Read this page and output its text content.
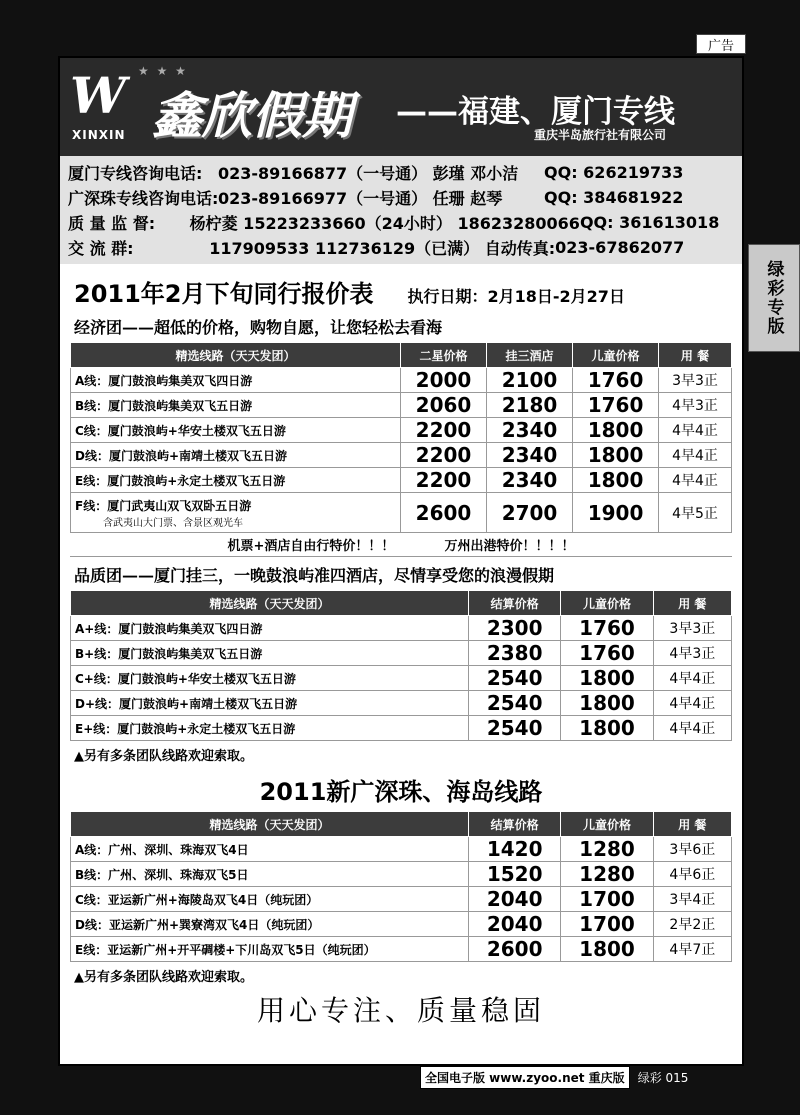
广告
绿彩专版
W ★ ★ ★
XINXIN 鑫欣假期 ——福建、厦门专线
重庆半岛旅行社有限公司
厦门专线咨询电话: 023-89166877（一号通） 彭瑾 邓小洁	QQ: 626219733
广深珠专线咨询电话: 023-89166977（一号通） 任珊 赵琴	QQ: 384681922
质 量 监 督:	杨柠菱 15223233660（24小时） 18623280066 QQ: 361613018
交 流 群:	117909533 112736129（已满） 自动传真: 023-67862077
2011年2月下旬同行报价表 执行日期：2月18日-2月27日
经济团——超低的价格，购物自愿，让您轻松去看海
精选线路（天天发团）	二星价格	挂三酒店	儿童价格	用 餐
A线：厦门鼓浪屿集美双飞四日游	2000	2100	1760	3早3正
B线：厦门鼓浪屿集美双飞五日游	2060	2180	1760	4早3正
C线：厦门鼓浪屿+华安土楼双飞五日游	2200	2340	1800	4早4正
D线：厦门鼓浪屿+南靖土楼双飞五日游	2200	2340	1800	4早4正
E线：厦门鼓浪屿+永定土楼双飞五日游	2200	2340	1800	4早4正
F线：厦门武夷山双飞双卧五日游
含武夷山大门票、含景区观光车	2600	2700	1900	4早5正
机票+酒店自由行特价！！！	万州出港特价！！！！
品质团——厦门挂三，一晚鼓浪屿准四酒店，尽情享受您的浪漫假期
精选线路（天天发团）	结算价格	儿童价格	用 餐
A+线：厦门鼓浪屿集美双飞四日游	2300	1760	3早3正
B+线：厦门鼓浪屿集美双飞五日游	2380	1760	4早3正
C+线：厦门鼓浪屿+华安土楼双飞五日游	2540	1800	4早4正
D+线：厦门鼓浪屿+南靖土楼双飞五日游	2540	1800	4早4正
E+线：厦门鼓浪屿+永定土楼双飞五日游	2540	1800	4早4正
▲另有多条团队线路欢迎索取。
2011新广深珠、海岛线路
精选线路（天天发团）	结算价格	儿童价格	用 餐
A线：广州、深圳、珠海双飞4日	1420	1280	3早6正
B线：广州、深圳、珠海双飞5日	1520	1280	4早6正
C线：亚运新广州+海陵岛双飞4日（纯玩团）	2040	1700	3早4正
D线：亚运新广州+巽寮湾双飞4日（纯玩团）	2040	1700	2早2正
E线：亚运新广州+开平碉楼+下川岛双飞5日（纯玩团）	2600	1800	4早7正
▲另有多条团队线路欢迎索取。
用心专注、质量稳固
全国电子版 www.zyoo.net 重庆版	绿彩 015
